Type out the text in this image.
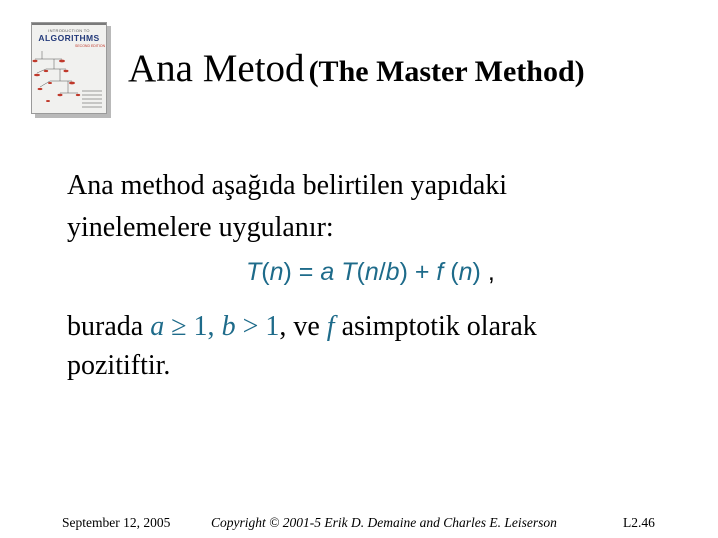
INTRODUCTION TO
ALGORITHMS
SECOND EDITION
Ana Metod (The Master Method)
Ana method aşağıda belirtilen yapıdaki
yinelemelere uygulanır:
T(n) = a T(n/b) + f (n) ,
burada a ≥ 1, b > 1, ve f asimptotik olarak
pozitiftir.
September 12, 2005	Copyright © 2001-5 Erik D. Demaine and Charles E. Leiserson	L2.46
